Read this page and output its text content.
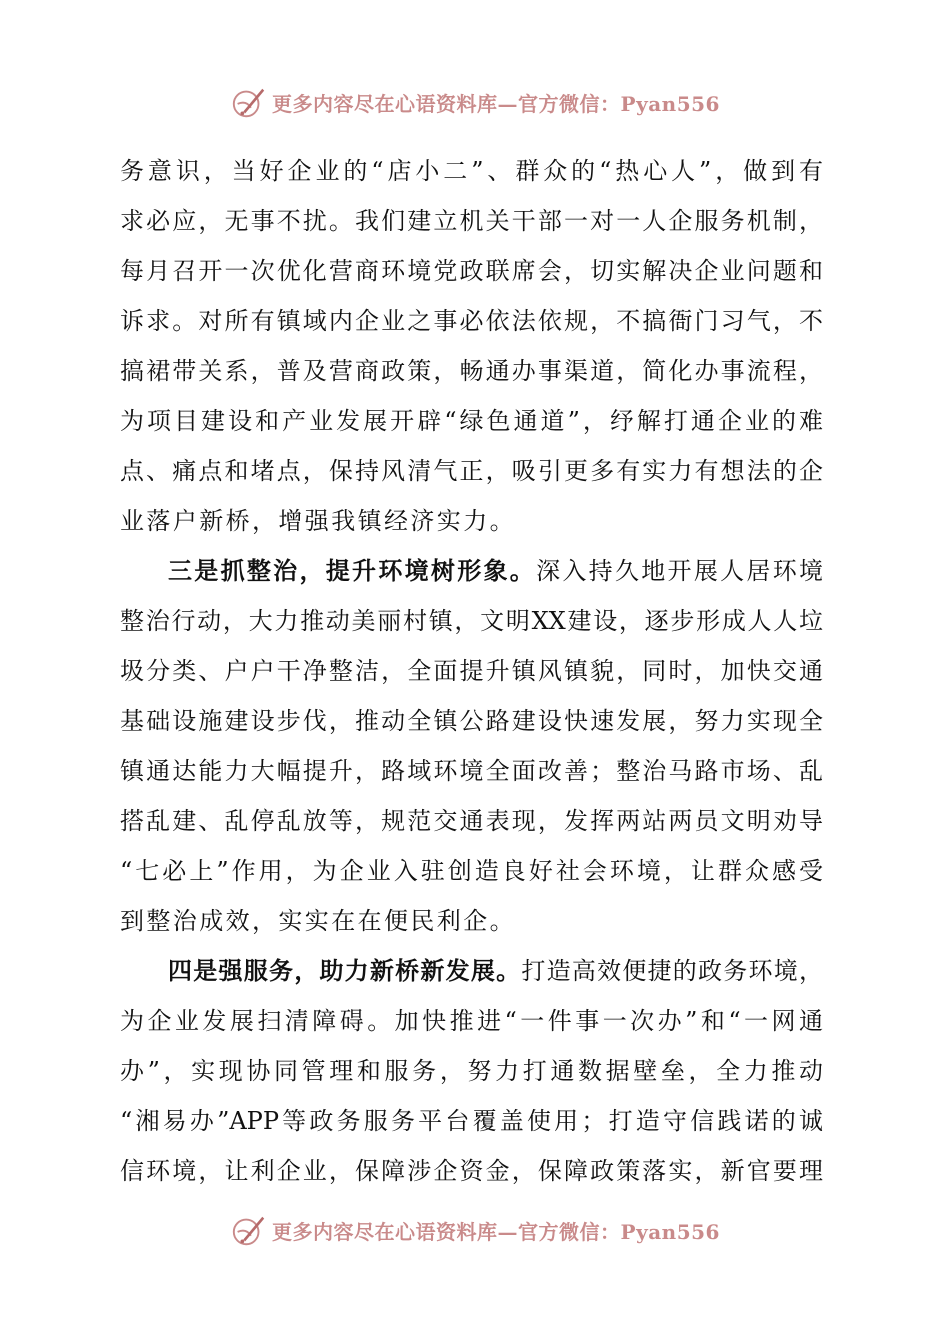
更多内容尽在心语资料库—官方微信：Pyan556
务意识，当好企业的“店小二”、群众的“热心人”，做到有
求必应，无事不扰。我们建立机关干部一对一人企服务机制，
每月召开一次优化营商环境党政联席会，切实解决企业问题和
诉求。对所有镇域内企业之事必依法依规，不搞衙门习气，不
搞裙带关系，普及营商政策，畅通办事渠道，简化办事流程，
为项目建设和产业发展开辟“绿色通道”，纾解打通企业的难
点、痛点和堵点，保持风清气正，吸引更多有实力有想法的企
业落户新桥，增强我镇经济实力。
三是抓整治，提升环境树形象。深入持久地开展人居环境
整治行动，大力推动美丽村镇，文明XX建设，逐步形成人人垃
圾分类、户户干净整洁，全面提升镇风镇貌，同时，加快交通
基础设施建设步伐，推动全镇公路建设快速发展，努力实现全
镇通达能力大幅提升，路域环境全面改善；整治马路市场、乱
搭乱建、乱停乱放等，规范交通表现，发挥两站两员文明劝导
“七必上”作用，为企业入驻创造良好社会环境，让群众感受
到整治成效，实实在在便民利企。
四是强服务，助力新桥新发展。打造高效便捷的政务环境，
为企业发展扫清障碍。加快推进“一件事一次办”和“一网通
办”，实现协同管理和服务，努力打通数据壁垒，全力推动
“湘易办”APP等政务服务平台覆盖使用；打造守信践诺的诚
信环境，让利企业，保障涉企资金，保障政策落实，新官要理
更多内容尽在心语资料库—官方微信：Pyan556
